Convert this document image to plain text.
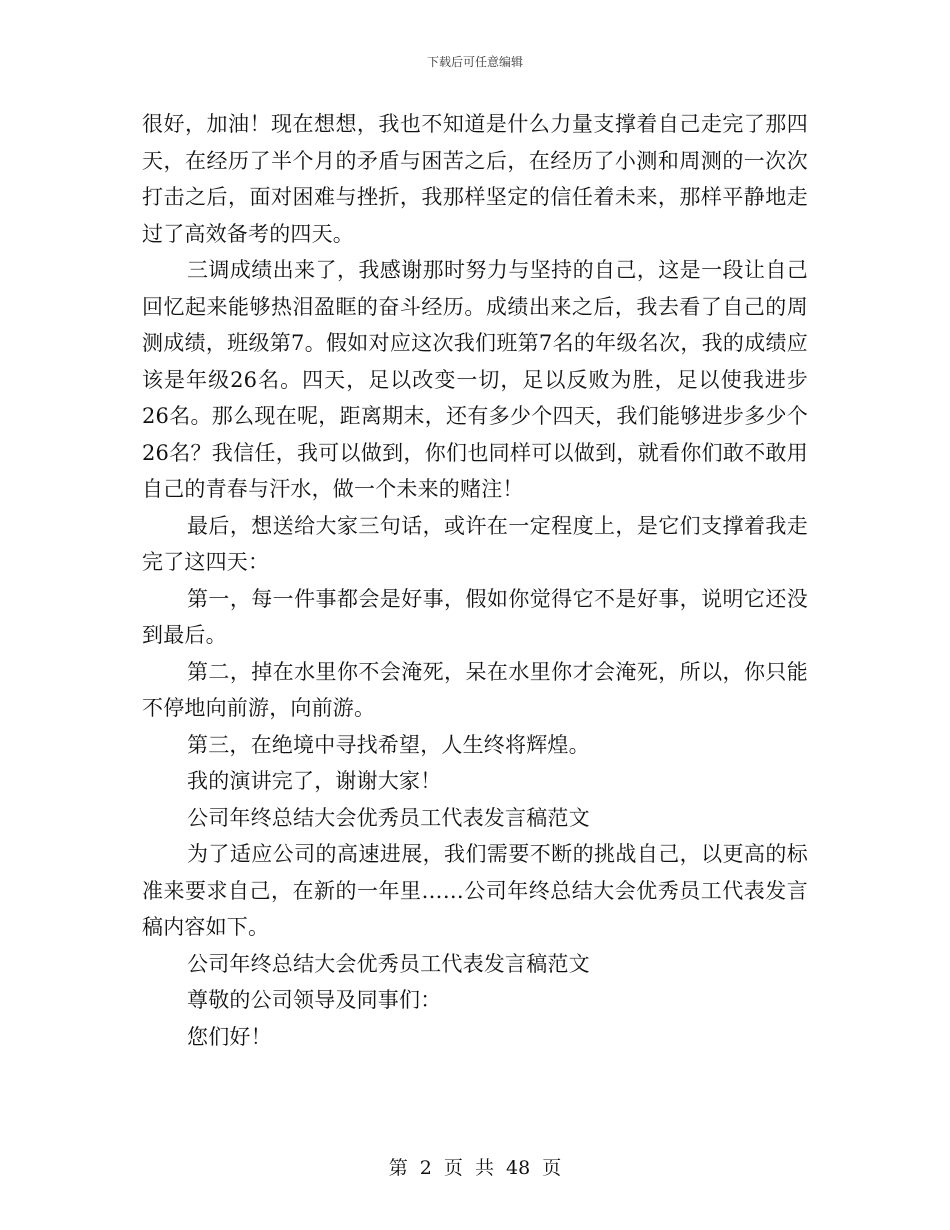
下载后可任意编辑

很好，加油！现在想想，我也不知道是什么力量支撑着自己走完了那四天，在经历了半个月的矛盾与困苦之后，在经历了小测和周测的一次次打击之后，面对困难与挫折，我那样坚定的信任着未来，那样平静地走过了高效备考的四天。

三调成绩出来了，我感谢那时努力与坚持的自己，这是一段让自己回忆起来能够热泪盈眶的奋斗经历。成绩出来之后，我去看了自己的周测成绩，班级第7。假如对应这次我们班第7名的年级名次，我的成绩应该是年级26名。四天，足以改变一切，足以反败为胜，足以使我进步26名。那么现在呢，距离期末，还有多少个四天，我们能够进步多少个26名？我信任，我可以做到，你们也同样可以做到，就看你们敢不敢用自己的青春与汗水，做一个未来的赌注！

最后，想送给大家三句话，或许在一定程度上，是它们支撑着我走完了这四天：

第一，每一件事都会是好事，假如你觉得它不是好事，说明它还没到最后。

第二，掉在水里你不会淹死，呆在水里你才会淹死，所以，你只能不停地向前游，向前游。

第三，在绝境中寻找希望，人生终将辉煌。

我的演讲完了，谢谢大家！

公司年终总结大会优秀员工代表发言稿范文

为了适应公司的高速进展，我们需要不断的挑战自己，以更高的标准来要求自己，在新的一年里……公司年终总结大会优秀员工代表发言稿内容如下。

公司年终总结大会优秀员工代表发言稿范文

尊敬的公司领导及同事们：

您们好！

第 2 页 共 48 页
